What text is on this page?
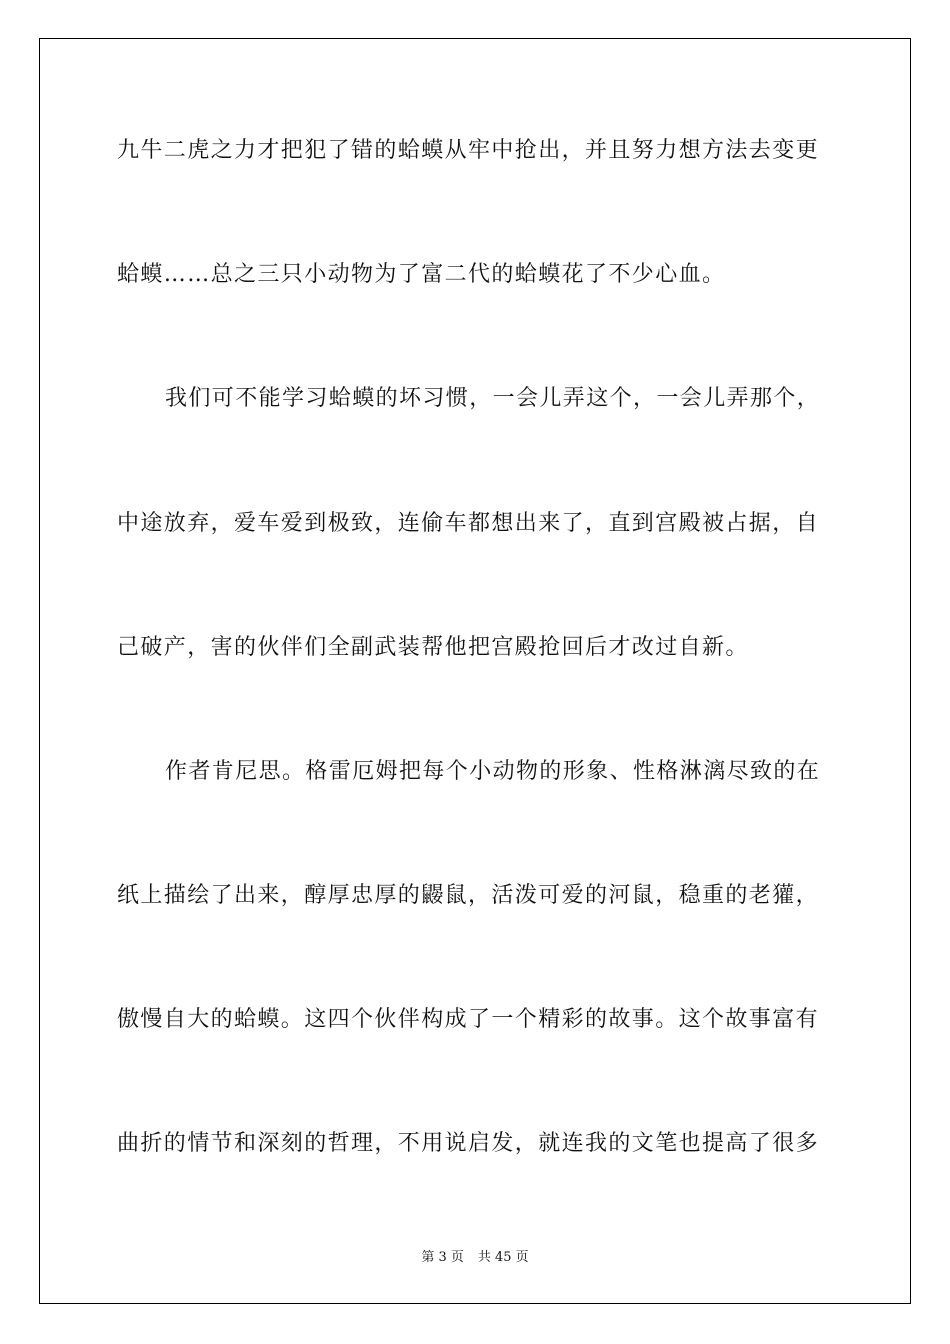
九牛二虎之力才把犯了错的蛤蟆从牢中抢出，并且努力想方法去变更
蛤蟆……总之三只小动物为了富二代的蛤蟆花了不少心血。
我们可不能学习蛤蟆的坏习惯，一会儿弄这个，一会儿弄那个，
中途放弃，爱车爱到极致，连偷车都想出来了，直到宫殿被占据，自
己破产，害的伙伴们全副武装帮他把宫殿抢回后才改过自新。
作者肯尼思。格雷厄姆把每个小动物的形象、性格淋漓尽致的在
纸上描绘了出来，醇厚忠厚的鼹鼠，活泼可爱的河鼠，稳重的老獾，
傲慢自大的蛤蟆。这四个伙伴构成了一个精彩的故事。这个故事富有
曲折的情节和深刻的哲理，不用说启发，就连我的文笔也提高了很多
第 3 页 共 45 页
